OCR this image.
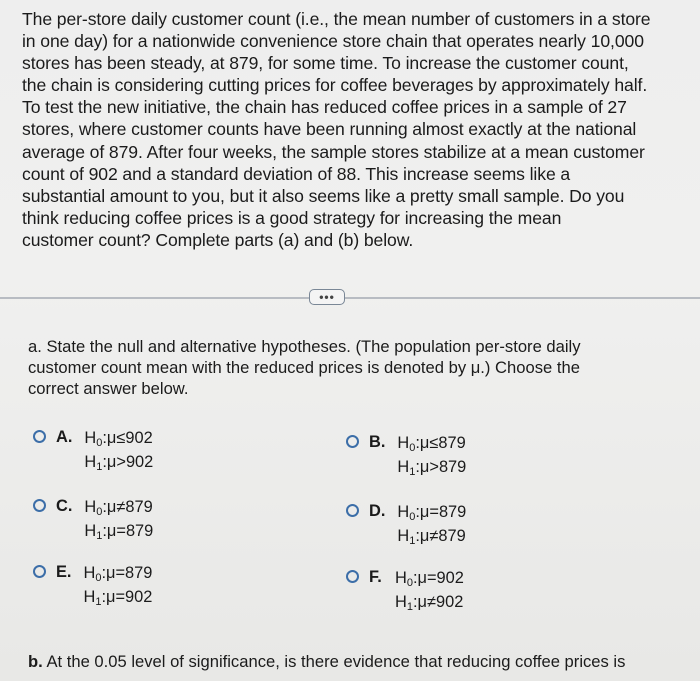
The per-store daily customer count (i.e., the mean number of customers in a store
in one day) for a nationwide convenience store chain that operates nearly 10,000
stores has been steady, at 879, for some time. To increase the customer count,
the chain is considering cutting prices for coffee beverages by approximately half.
To test the new initiative, the chain has reduced coffee prices in a sample of 27
stores, where customer counts have been running almost exactly at the national
average of 879. After four weeks, the sample stores stabilize at a mean customer
count of 902 and a standard deviation of 88. This increase seems like a
substantial amount to you, but it also seems like a pretty small sample. Do you
think reducing coffee prices is a good strategy for increasing the mean
customer count? Complete parts (a) and (b) below.
•••
a. State the null and alternative hypotheses. (The population per-store daily
customer count mean with the reduced prices is denoted by μ.) Choose the
correct answer below.
A. $H_0:\mu\le 902$
$H_1:\mu>902$
B. $H_0:\mu\le 879$
$H_1:\mu>879$
C. $H_0:\mu\ne 879$
$H_1:\mu=879$
D. $H_0:\mu=879$
$H_1:\mu\ne 879$
E. $H_0:\mu=879$
$H_1:\mu=902$
F. $H_0:\mu=902$
$H_1:\mu\ne 902$
b. At the 0.05 level of significance, is there evidence that reducing coffee prices is
